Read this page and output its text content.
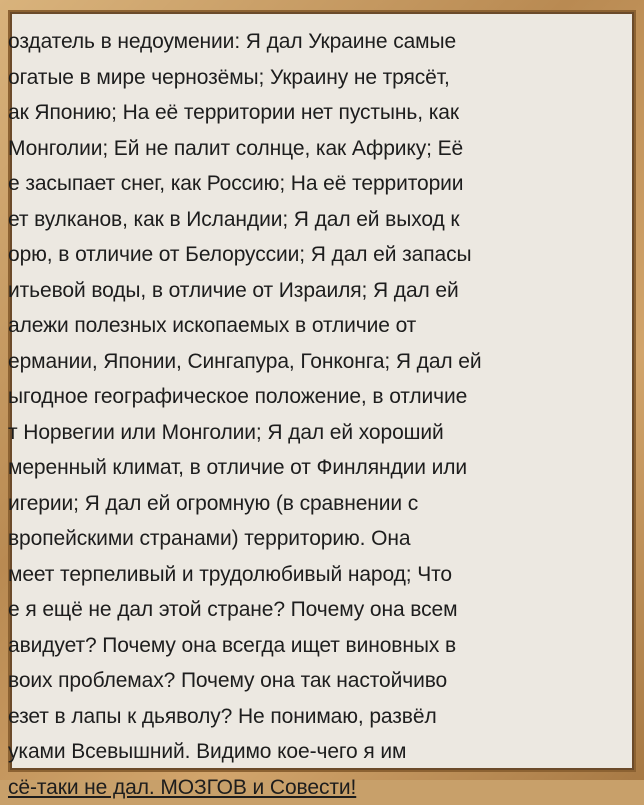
оздатель в недоумении: Я дал Украине самые
огатые в мире чернозёмы; Украину не трясёт,
ак Японию; На её территории нет пустынь, как
Монголии; Ей не палит солнце, как Африку; Её
е засыпает снег, как Россию; На её территории
ет вулканов, как в Исландии; Я дал ей выход к
орю, в отличие от Белоруссии; Я дал ей запасы
итьевой воды, в отличие от Израиля; Я дал ей
алежи полезных ископаемых в отличие от
ермании, Японии, Сингапура, Гонконга; Я дал ей
ыгодное географическое положение, в отличие
т Норвегии или Монголии; Я дал ей хороший
меренный климат, в отличие от Финляндии или
игерии; Я дал ей огромную (в сравнении с
вропейскими странами) территорию. Она
меет терпеливый и трудолюбивый народ; Что
е я ещё не дал этой стране? Почему она всем
авидует? Почему она всегда ищет виновных в
воих проблемах? Почему она так настойчиво
езет в лапы к дьяволу? Не понимаю, развёл
уками Всевышний. Видимо кое-чего я им
сё-таки не дал. МОЗГОВ и Совести!
